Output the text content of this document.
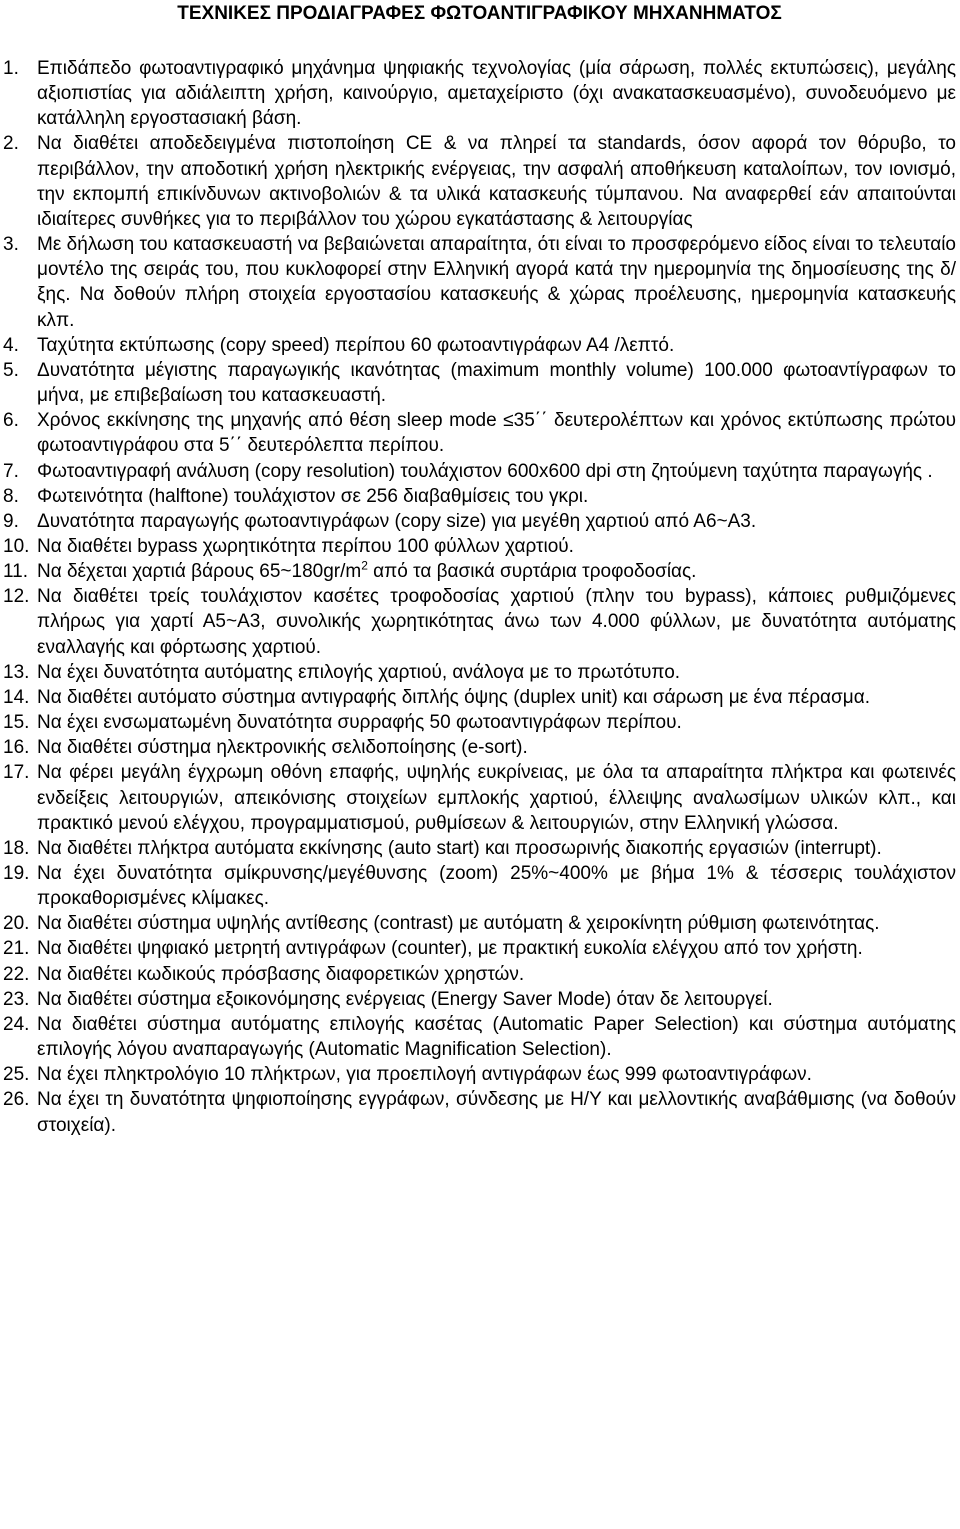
ΤΕΧΝΙΚΕΣ ΠΡΟΔΙΑΓΡΑΦΕΣ ΦΩΤΟΑΝΤΙΓΡΑΦΙΚΟΥ ΜΗΧΑΝΗΜΑΤΟΣ
1. Επιδάπεδο φωτοαντιγραφικό μηχάνημα ψηφιακής τεχνολογίας (μία σάρωση, πολλές εκτυπώσεις), μεγάλης αξιοπιστίας για αδιάλειπτη χρήση, καινούργιο, αμεταχείριστο (όχι ανακατασκευασμένο), συνοδευόμενο με κατάλληλη εργοστασιακή βάση.
2. Να διαθέτει αποδεδειγμένα πιστοποίηση CE & να πληρεί τα standards, όσον αφορά τον θόρυβο, το περιβάλλον, την αποδοτική χρήση ηλεκτρικής ενέργειας, την ασφαλή αποθήκευση καταλοίπων, τον ιονισμό, την εκπομπή επικίνδυνων ακτινοβολιών & τα υλικά κατασκευής τύμπανου. Να αναφερθεί εάν απαιτούνται ιδιαίτερες συνθήκες για το περιβάλλον του χώρου εγκατάστασης & λειτουργίας
3. Με δήλωση του κατασκευαστή να βεβαιώνεται απαραίτητα, ότι είναι το προσφερόμενο είδος είναι το τελευταίο μοντέλο της σειράς του, που κυκλοφορεί στην Ελληνική αγορά κατά την ημερομηνία της δημοσίευσης της δ/ξης. Να δοθούν πλήρη στοιχεία εργοστασίου κατασκευής & χώρας προέλευσης, ημερομηνία κατασκευής κλπ.
4. Ταχύτητα εκτύπωσης (copy speed) περίπου 60 φωτοαντιγράφων Α4 /λεπτό.
5. Δυνατότητα μέγιστης παραγωγικής ικανότητας (maximum monthly volume) 100.000 φωτοαντίγραφων το μήνα, με επιβεβαίωση του κατασκευαστή.
6. Χρόνος εκκίνησης της μηχανής από θέση sleep mode ≤35΄΄ δευτερολέπτων και χρόνος εκτύπωσης πρώτου φωτοαντιγράφου στα 5΄΄ δευτερόλεπτα περίπου.
7. Φωτοαντιγραφή ανάλυση (copy resolution) τουλάχιστον 600x600 dpi στη ζητούμενη ταχύτητα παραγωγής .
8. Φωτεινότητα (halftone) τουλάχιστον σε 256 διαβαθμίσεις του γκρι.
9. Δυνατότητα παραγωγής φωτοαντιγράφων (copy size) για μεγέθη χαρτιού από Α6~Α3.
10. Να διαθέτει bypass χωρητικότητα περίπου 100 φύλλων χαρτιού.
11. Να δέχεται χαρτιά βάρους $65\sim 180gr/m^2$ από τα βασικά συρτάρια τροφοδοσίας.
12. Να διαθέτει τρείς τουλάχιστον κασέτες τροφοδοσίας χαρτιού (πλην του bypass), κάποιες ρυθμιζόμενες πλήρως για χαρτί Α5~Α3, συνολικής χωρητικότητας άνω των 4.000 φύλλων, με δυνατότητα αυτόματης εναλλαγής και φόρτωσης χαρτιού.
13. Να έχει δυνατότητα αυτόματης επιλογής χαρτιού, ανάλογα με το πρωτότυπο.
14. Να διαθέτει αυτόματο σύστημα αντιγραφής διπλής όψης (duplex unit) και σάρωση με ένα πέρασμα.
15. Να έχει ενσωματωμένη δυνατότητα συρραφής 50 φωτοαντιγράφων περίπου.
16. Να διαθέτει σύστημα ηλεκτρονικής σελιδοποίησης (e-sort).
17. Να φέρει μεγάλη έγχρωμη οθόνη επαφής, υψηλής ευκρίνειας, με όλα τα απαραίτητα πλήκτρα και φωτεινές ενδείξεις λειτουργιών, απεικόνισης στοιχείων εμπλοκής χαρτιού, έλλειψης αναλωσίμων υλικών κλπ., και πρακτικό μενού ελέγχου, προγραμματισμού, ρυθμίσεων & λειτουργιών, στην Ελληνική γλώσσα.
18. Να διαθέτει πλήκτρα αυτόματα εκκίνησης (auto start) και προσωρινής διακοπής εργασιών (interrupt).
19. Να έχει δυνατότητα σμίκρυνσης/μεγέθυνσης (zoom) 25%~400% με βήμα 1% & τέσσερις τουλάχιστον προκαθορισμένες κλίμακες.
20. Να διαθέτει σύστημα υψηλής αντίθεσης (contrast) με αυτόματη & χειροκίνητη ρύθμιση φωτεινότητας.
21. Να διαθέτει ψηφιακό μετρητή αντιγράφων (counter), με πρακτική ευκολία ελέγχου από τον χρήστη.
22. Να διαθέτει κωδικούς πρόσβασης διαφορετικών χρηστών.
23. Να διαθέτει σύστημα εξοικονόμησης ενέργειας (Energy Saver Mode) όταν δε λειτουργεί.
24. Να διαθέτει σύστημα αυτόματης επιλογής κασέτας (Automatic Paper Selection) και σύστημα αυτόματης επιλογής λόγου αναπαραγωγής (Automatic Magnification Selection).
25. Να έχει πληκτρολόγιο 10 πλήκτρων, για προεπιλογή αντιγράφων έως 999 φωτοαντιγράφων.
26. Να έχει τη δυνατότητα ψηφιοποίησης εγγράφων, σύνδεσης με Η/Υ και μελλοντικής αναβάθμισης (να δοθούν στοιχεία).
